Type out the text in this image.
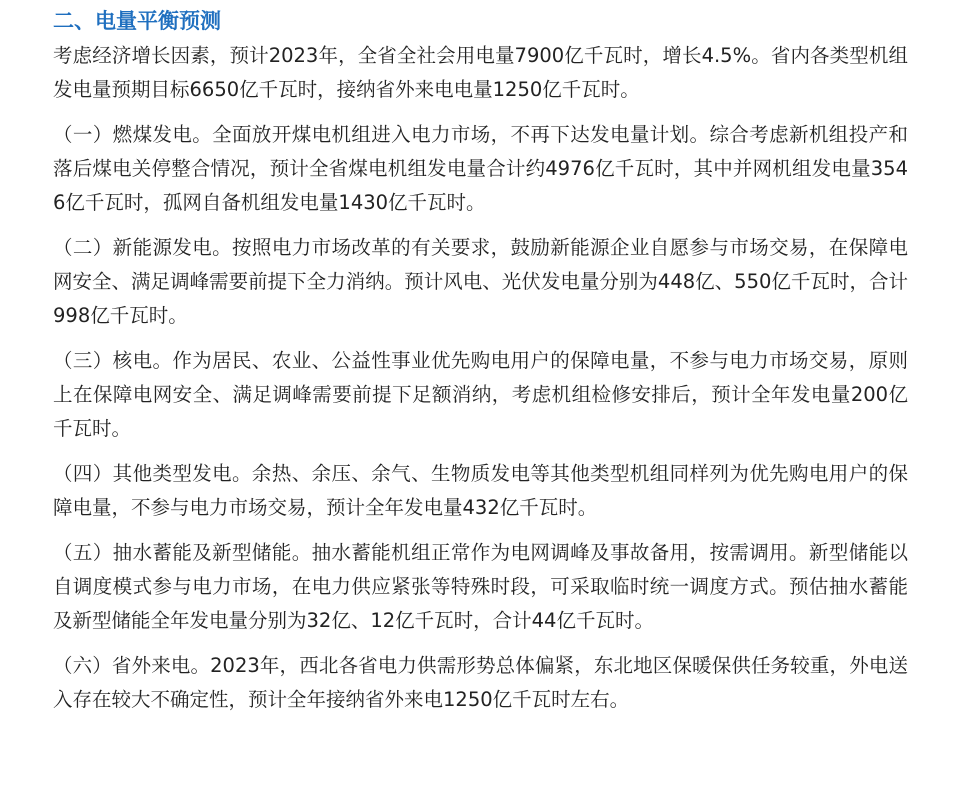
二、电量平衡预测

考虑经济增长因素，预计2023年，全省全社会用电量7900亿千瓦时，增长4.5%。省内各类型机组发电量预期目标6650亿千瓦时，接纳省外来电电量1250亿千瓦时。

（一）燃煤发电。全面放开煤电机组进入电力市场，不再下达发电量计划。综合考虑新机组投产和落后煤电关停整合情况，预计全省煤电机组发电量合计约4976亿千瓦时，其中并网机组发电量3546亿千瓦时，孤网自备机组发电量1430亿千瓦时。

（二）新能源发电。按照电力市场改革的有关要求，鼓励新能源企业自愿参与市场交易，在保障电网安全、满足调峰需要前提下全力消纳。预计风电、光伏发电量分别为448亿、550亿千瓦时，合计998亿千瓦时。

（三）核电。作为居民、农业、公益性事业优先购电用户的保障电量，不参与电力市场交易，原则上在保障电网安全、满足调峰需要前提下足额消纳，考虑机组检修安排后，预计全年发电量200亿千瓦时。

（四）其他类型发电。余热、余压、余气、生物质发电等其他类型机组同样列为优先购电用户的保障电量，不参与电力市场交易，预计全年发电量432亿千瓦时。

（五）抽水蓄能及新型储能。抽水蓄能机组正常作为电网调峰及事故备用，按需调用。新型储能以自调度模式参与电力市场，在电力供应紧张等特殊时段，可采取临时统一调度方式。预估抽水蓄能及新型储能全年发电量分别为32亿、12亿千瓦时，合计44亿千瓦时。

（六）省外来电。2023年，西北各省电力供需形势总体偏紧，东北地区保暖保供任务较重，外电送入存在较大不确定性，预计全年接纳省外来电1250亿千瓦时左右。
